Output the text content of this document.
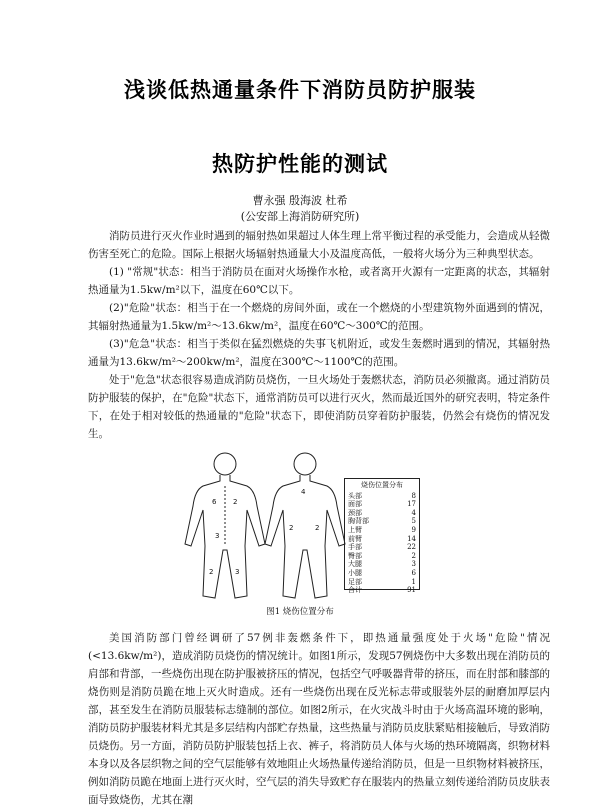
浅谈低热通量条件下消防员防护服装
热防护性能的测试
曹永强 殷海波 杜希
(公安部上海消防研究所)

消防员进行灭火作业时遇到的辐射热如果超过人体生理上常平衡过程的承受能力，会造成从轻微伤害至死亡的危险。国际上根据火场辐射热通量大小及温度高低，一般将火场分为三种典型状态。

(1) "常规"状态：相当于消防员在面对火场操作水枪，或者离开火源有一定距离的状态，其辐射热通量为1.5kw/m²以下，温度在60℃以下。

(2)"危险"状态：相当于在一个燃烧的房间外面，或在一个燃烧的小型建筑物外面遇到的情况，其辐射热通量为1.5kw/m²～13.6kw/m²，温度在60℃～300℃的范围。

(3)"危急"状态：相当于类似在猛烈燃烧的失事飞机附近，或发生轰燃时遇到的情况，其辐射热通量为13.6kw/m²～200kw/m²，温度在300℃～1100℃的范围。

处于"危急"状态很容易造成消防员烧伤，一旦火场处于轰燃状态，消防员必须撤离。通过消防员防护服装的保护，在"危险"状态下，通常消防员可以进行灭火，然而最近国外的研究表明，特定条件下，在处于相对较低的热通量的"危险"状态下，即使消防员穿着防护服装，仍然会有烧伤的情况发生。

6 2
3
2	3
4
2	2
烧伤位置分布
头部	8
面部	17
颈部	4
胸背部	5
上臂	9
前臂	14
手部	22
臀部	2
大腿	3
小腿	6
足部	1
合计	91
图1 烧伤位置分布

美国消防部门曾经调研了57例非轰燃条件下，即热通量强度处于火场"危险"情况(<13.6kw/m²)，造成消防员烧伤的情况统计。如图1所示，发现57例烧伤中大多数出现在消防员的肩部和背部，一些烧伤出现在防护服被挤压的情况，包括空气呼吸器背带的挤压，而在肘部和膝部的烧伤则是消防员跪在地上灭火时造成。还有一些烧伤出现在反光标志带或服装外层的耐磨加厚层内部，甚至发生在消防员服装标志缝制的部位。如图2所示，在火灾战斗时由于火场高温环境的影响，消防员防护服装材料尤其是多层结构内部贮存热量，这些热量与消防员皮肤紧贴相接触后，导致消防员烧伤。另一方面，消防员防护服装包括上衣、裤子，将消防员人体与火场的热环境隔离，织物材料本身以及各层织物之间的空气层能够有效地阻止火场热量传递给消防员，但是一旦织物材料被挤压，例如消防员跪在地面上进行灭火时，空气层的消失导致贮存在服装内的热量立刻传递给消防员皮肤表面导致烧伤，尤其在潮
